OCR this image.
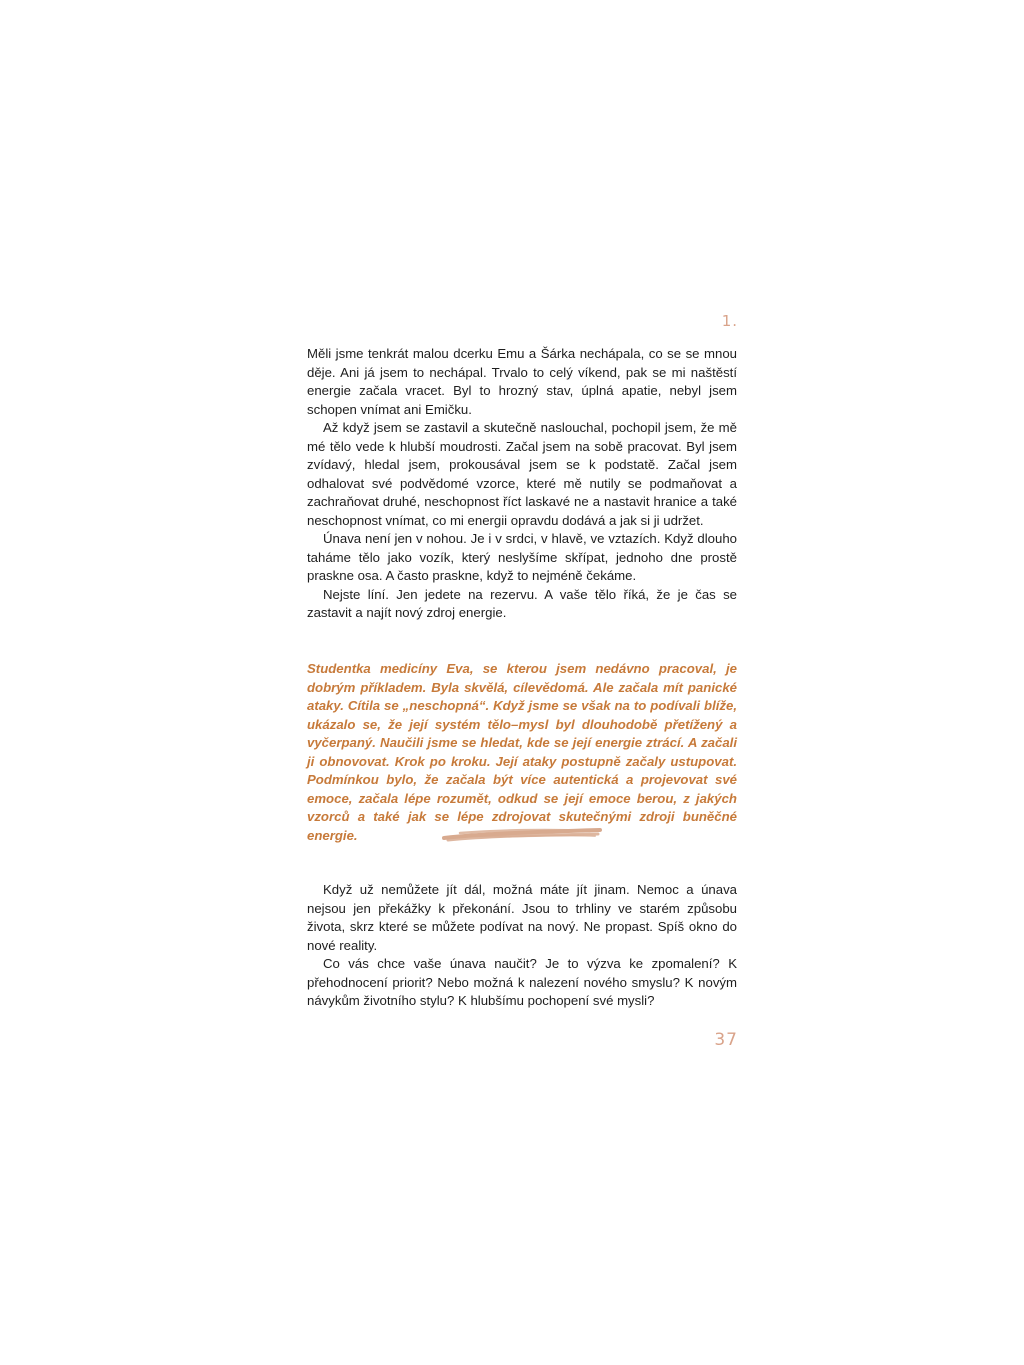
1.

Měli jsme tenkrát malou dcerku Emu a Šárka nechápala, co se se mnou děje. Ani já jsem to nechápal. Trvalo to celý víkend, pak se mi naštěstí energie začala vracet. Byl to hrozný stav, úplná apatie, nebyl jsem schopen vnímat ani Emičku.

Až když jsem se zastavil a skutečně naslouchal, pochopil jsem, že mě mé tělo vede k hlubší moudrosti. Začal jsem na sobě pracovat. Byl jsem zvídavý, hledal jsem, prokousával jsem se k podstatě. Začal jsem odhalovat své podvědomé vzorce, které mě nutily se podmaňovat a zachraňovat druhé, neschopnost říct laskavé ne a nastavit hranice a také neschopnost vnímat, co mi energii opravdu dodává a jak si ji udržet.

Únava není jen v nohou. Je i v srdci, v hlavě, ve vztazích. Když dlouho taháme tělo jako vozík, který neslyšíme skřípat, jednoho dne prostě praskne osa. A často praskne, když to nejméně čekáme.

Nejste líní. Jen jedete na rezervu. A vaše tělo říká, že je čas se zastavit a najít nový zdroj energie.

Studentka medicíny Eva, se kterou jsem nedávno pracoval, je dobrým příkladem. Byla skvělá, cílevědomá. Ale začala mít panické ataky. Cítila se „neschopná“. Když jsme se však na to podívali blíže, ukázalo se, že její systém tělo–mysl byl dlouhodobě přetížený a vyčerpaný. Naučili jsme se hledat, kde se její energie ztrácí. A začali ji obnovovat. Krok po kroku. Její ataky postupně začaly ustupovat. Podmínkou bylo, že začala být více autentická a projevovat své emoce, začala lépe rozumět, odkud se její emoce berou, z jakých vzorců a také jak se lépe zdrojovat skutečnými zdroji buněčné energie.

Když už nemůžete jít dál, možná máte jít jinam. Nemoc a únava nejsou jen překážky k překonání. Jsou to trhliny ve starém způsobu života, skrz které se můžete podívat na nový. Ne propast. Spíš okno do nové reality.

Co vás chce vaše únava naučit? Je to výzva ke zpomalení? K přehodnocení priorit? Nebo možná k nalezení nového smyslu? K novým návykům životního stylu? K hlubšímu pochopení své mysli?

37
